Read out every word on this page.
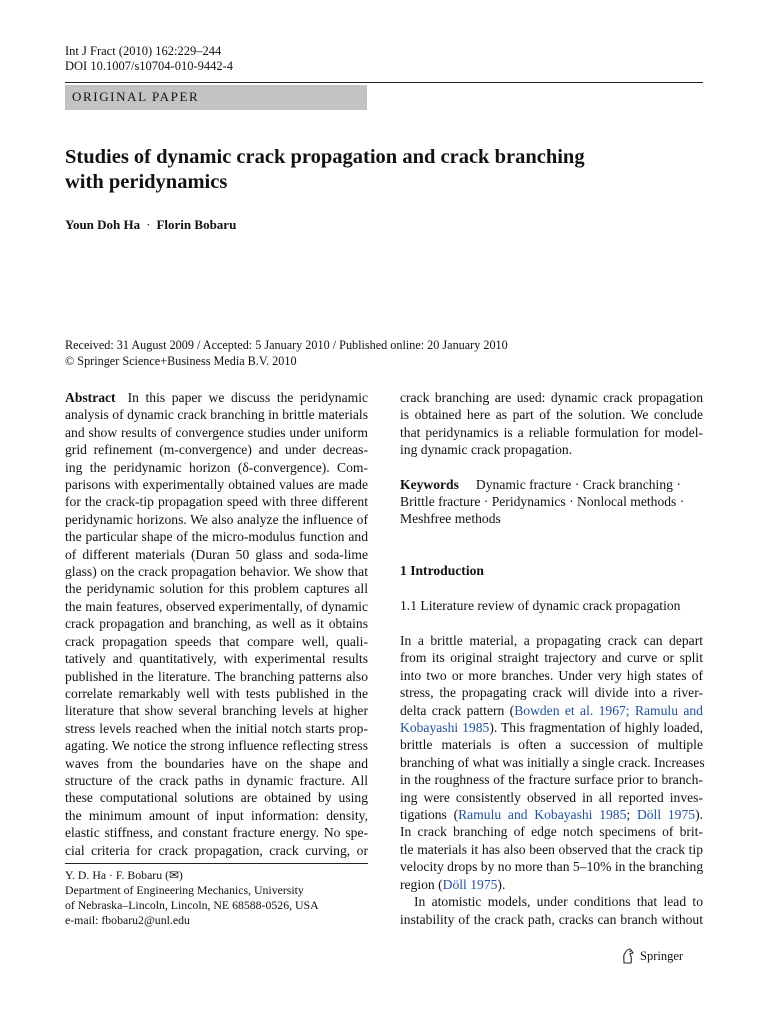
Int J Fract (2010) 162:229–244
DOI 10.1007/s10704-010-9442-4
ORIGINAL PAPER
Studies of dynamic crack propagation and crack branching
with peridynamics
Youn Doh Ha · Florin Bobaru
Received: 31 August 2009 / Accepted: 5 January 2010 / Published online: 20 January 2010
© Springer Science+Business Media B.V. 2010
Abstract In this paper we discuss the peridynamic
analysis of dynamic crack branching in brittle materials
and show results of convergence studies under uniform
grid refinement (m-convergence) and under decreas-
ing the peridynamic horizon (δ-convergence). Com-
parisons with experimentally obtained values are made
for the crack-tip propagation speed with three different
peridynamic horizons. We also analyze the influence of
the particular shape of the micro-modulus function and
of different materials (Duran 50 glass and soda-lime
glass) on the crack propagation behavior. We show that
the peridynamic solution for this problem captures all
the main features, observed experimentally, of dynamic
crack propagation and branching, as well as it obtains
crack propagation speeds that compare well, quali-
tatively and quantitatively, with experimental results
published in the literature. The branching patterns also
correlate remarkably well with tests published in the
literature that show several branching levels at higher
stress levels reached when the initial notch starts prop-
agating. We notice the strong influence reflecting stress
waves from the boundaries have on the shape and
structure of the crack paths in dynamic fracture. All
these computational solutions are obtained by using
the minimum amount of input information: density,
elastic stiffness, and constant fracture energy. No spe-
cial criteria for crack propagation, crack curving, or
crack branching are used: dynamic crack propagation
is obtained here as part of the solution. We conclude
that peridynamics is a reliable formulation for model-
ing dynamic crack propagation.
Keywords Dynamic fracture · Crack branching ·
Brittle fracture · Peridynamics · Nonlocal methods ·
Meshfree methods
1 Introduction
1.1 Literature review of dynamic crack propagation
In a brittle material, a propagating crack can depart
from its original straight trajectory and curve or split
into two or more branches. Under very high states of
stress, the propagating crack will divide into a river-
delta crack pattern (Bowden et al. 1967; Ramulu and
Kobayashi 1985). This fragmentation of highly loaded,
brittle materials is often a succession of multiple
branching of what was initially a single crack. Increases
in the roughness of the fracture surface prior to branch-
ing were consistently observed in all reported inves-
tigations (Ramulu and Kobayashi 1985; Döll 1975).
In crack branching of edge notch specimens of brit-
tle materials it has also been observed that the crack tip
velocity drops by no more than 5–10% in the branching
region (Döll 1975).
In atomistic models, under conditions that lead to
instability of the crack path, cracks can branch without
Y. D. Ha · F. Bobaru (✉)
Department of Engineering Mechanics, University
of Nebraska–Lincoln, Lincoln, NE 68588-0526, USA
e-mail: fbobaru2@unl.edu
Springer
